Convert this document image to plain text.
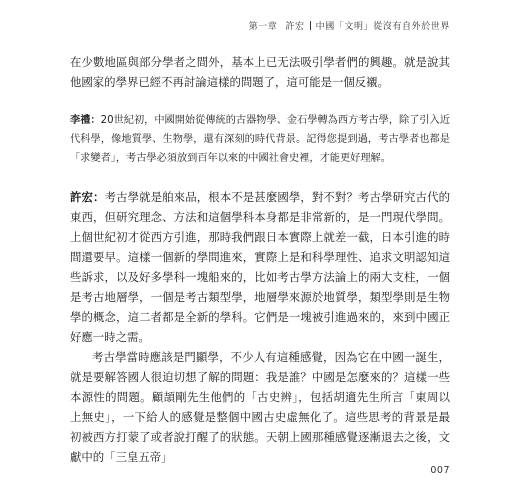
第一章 許宏 中國「文明」從沒有自外於世界

在少數地區與部分學者之間外，基本上已无法吸引學者們的興趣。就是說其他國家的學界已經不再討論這樣的問題了，這可能是一個反襯。

李禮：20世紀初，中國開始從傳統的古器物學、金石學轉為西方考古學，除了引入近代科學，像地質學、生物學，還有深刻的時代背景。記得您提到過，考古學者也都是「求變者」，考古學必須放到百年以來的中國社會史裡，才能更好理解。

許宏：考古學就是舶來品，根本不是甚麼國學，對不對？考古學研究古代的東西，但研究理念、方法和這個學科本身都是非常新的，是一門現代學問。上個世紀初才從西方引進，那時我們跟日本實際上就差一截，日本引進的時間還要早。這樣一個新的學問進來，實際上是和科學理性、追求文明認知這些訴求，以及好多學科一塊船來的，比如考古學方法論上的兩大支柱，一個是考古地層學，一個是考古類型學，地層學來源於地質學，類型學則是生物學的概念，這二者都是全新的學科。它們是一塊被引進過來的，來到中國正好應一時之需。

考古學當時應該是門顯學，不少人有這種感覺，因為它在中國一誕生，就是要解答國人很迫切想了解的問題：我是誰？中國是怎麼來的？這樣一些本源性的問題。顧頡剛先生他們的「古史辨」，包括胡適先生所言「東周以上無史」，一下給人的感覺是整個中國古史虛無化了。這些思考的背景是最初被西方打蒙了或者說打醒了的狀態。天朝上國那種感覺逐漸退去之後，文獻中的「三皇五帝」

007
